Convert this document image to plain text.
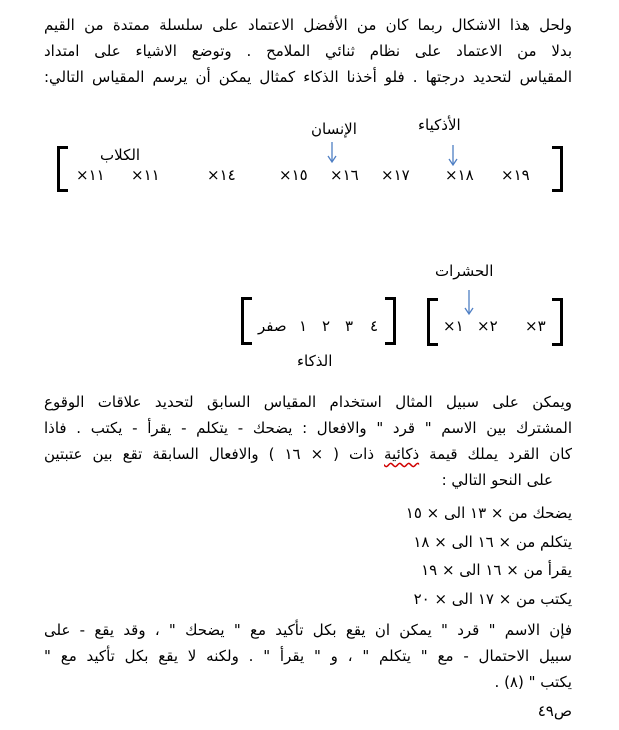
ولحل هذا الاشكال ربما كان من الأفضل الاعتماد على سلسلة ممتدة من القيم
بدلا من الاعتماد على نظام ثنائي الملامح . وتوضع الاشياء على امتداد
المقياس لتحديد درجتها . فلو أخذنا الذكاء كمثال يمكن أن يرسم المقياس التالي:
الأذكياء
الإنسان
الكلاب
١٩×
١٨×
١٧×
١٦×
١٥×
١٤×
١١×
١١×
الحشرات
٣×
٢×
١×
٤
٣
٢
١
صفر
الذكاء
ويمكن على سبيل المثال استخدام المقياس السابق لتحديد علاقات الوقوع
المشترك بين الاسم " قرد " والافعال : يضحك - يتكلم - يقرأ - يكتب . فاذا
كان القرد يملك قيمة ذكائية ذات ( × ١٦ ) والافعال السابقة تقع بين عتبتين
على النحو التالي :
يضحك من × ١٣ الى × ١٥
يتكلم من × ١٦ الى × ١٨
يقرأ من × ١٦ الى × ١٩
يكتب من × ١٧ الى × ٢٠
فإن الاسم " قرد " يمكن ان يقع بكل تأكيد مع " يضحك " ، وقد يقع - على
سبيل الاحتمال - مع " يتكلم " ، و " يقرأ " . ولكنه لا يقع بكل تأكيد مع "
يكتب " (٨) .
ص٤٩
